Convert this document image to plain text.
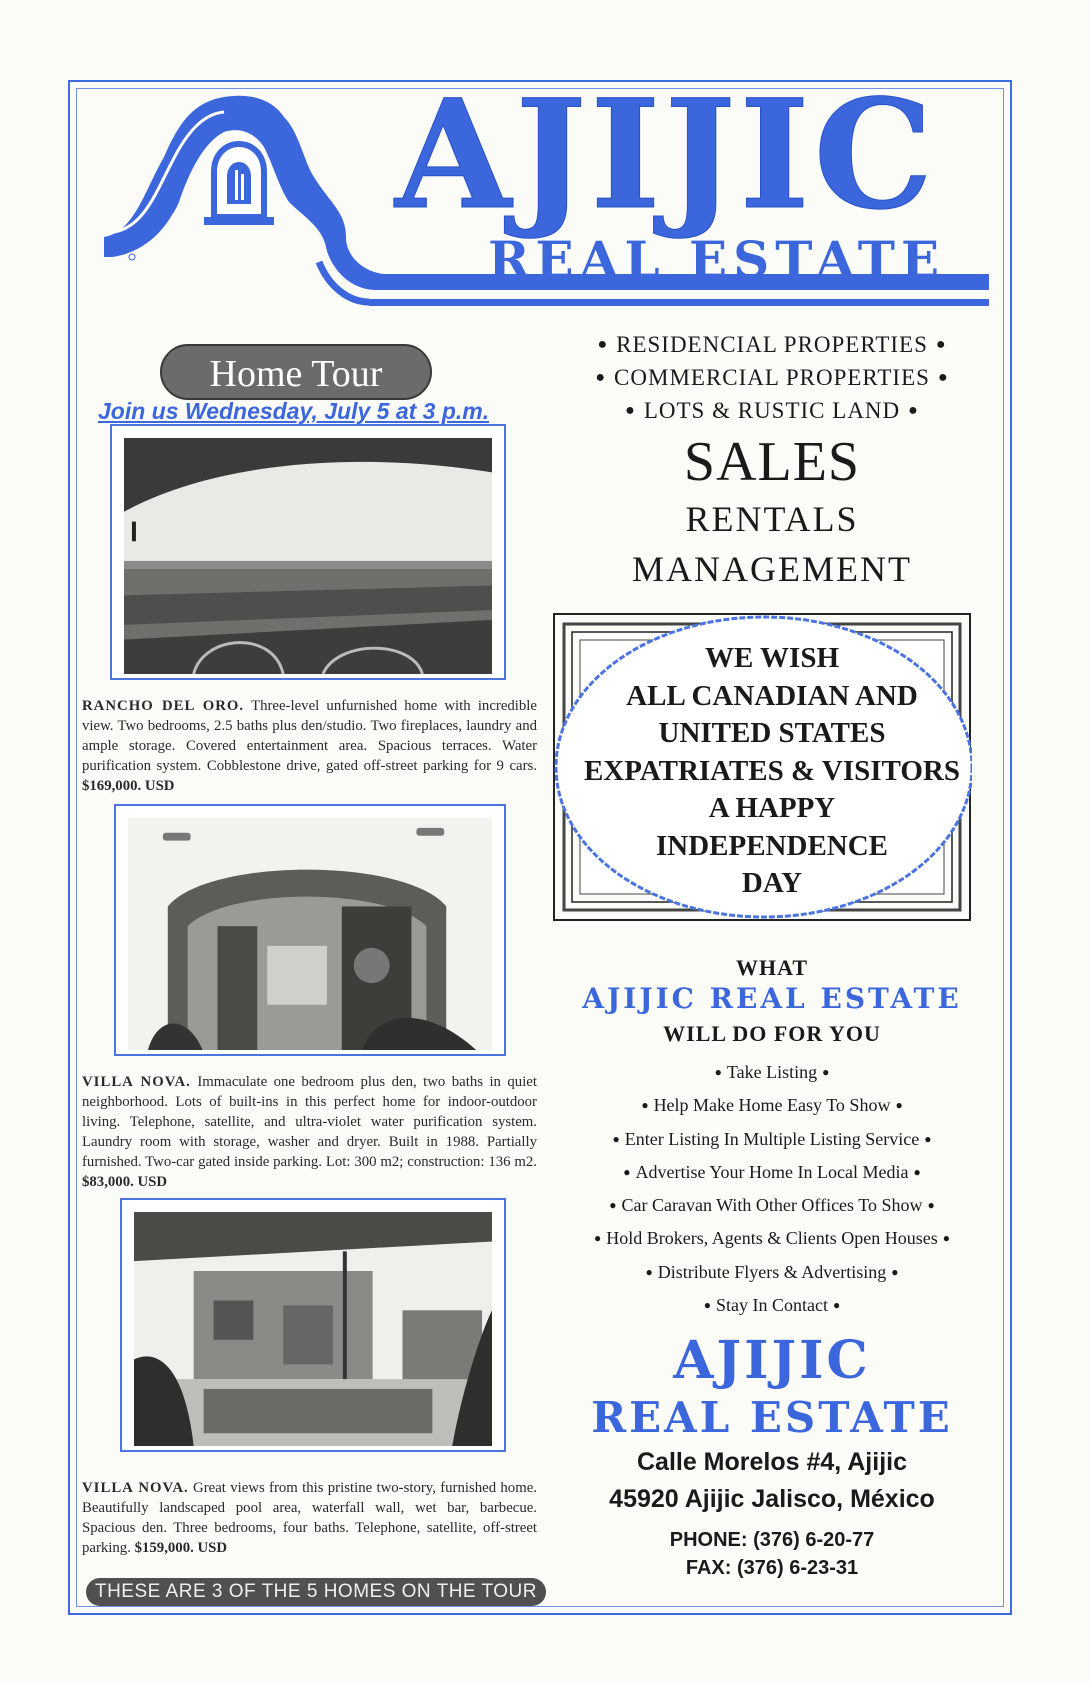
AJIJIC
REAL ESTATE
Home Tour
Join us Wednesday, July 5 at 3 p.m.
RANCHO DEL ORO. Three-level unfurnished home with incredible view. Two bedrooms, 2.5 baths plus den/studio. Two fireplaces, laundry and ample storage. Covered entertainment area. Spacious terraces. Water purification system. Cobblestone drive, gated off-street parking for 9 cars. $169,000. USD
VILLA NOVA. Immaculate one bedroom plus den, two baths in quiet neighborhood. Lots of built-ins in this perfect home for indoor-outdoor living. Telephone, satellite, and ultra-violet water purification system. Laundry room with storage, washer and dryer. Built in 1988. Partially furnished. Two-car gated inside parking. Lot: 300 m2; construction: 136 m2. $83,000. USD
VILLA NOVA. Great views from this pristine two-story, furnished home. Beautifully landscaped pool area, waterfall wall, wet bar, barbecue. Spacious den. Three bedrooms, four baths. Telephone, satellite, off-street parking. $159,000. USD
THESE ARE 3 OF THE 5 HOMES ON THE TOUR
● RESIDENCIAL PROPERTIES ●
● COMMERCIAL PROPERTIES ●
● LOTS & RUSTIC LAND ●
SALES
RENTALS
MANAGEMENT
WE WISH
ALL CANADIAN AND
UNITED STATES
EXPATRIATES & VISITORS
A HAPPY
INDEPENDENCE
DAY
WHAT
AJIJIC REAL ESTATE
WILL DO FOR YOU
● Take Listing ●
● Help Make Home Easy To Show ●
● Enter Listing In Multiple Listing Service ●
● Advertise Your Home In Local Media ●
● Car Caravan With Other Offices To Show ●
● Hold Brokers, Agents & Clients Open Houses ●
● Distribute Flyers & Advertising ●
● Stay In Contact ●
AJIJIC
REAL ESTATE
Calle Morelos #4, Ajijic
45920 Ajijic Jalisco, México
PHONE: (376) 6-20-77
FAX: (376) 6-23-31
